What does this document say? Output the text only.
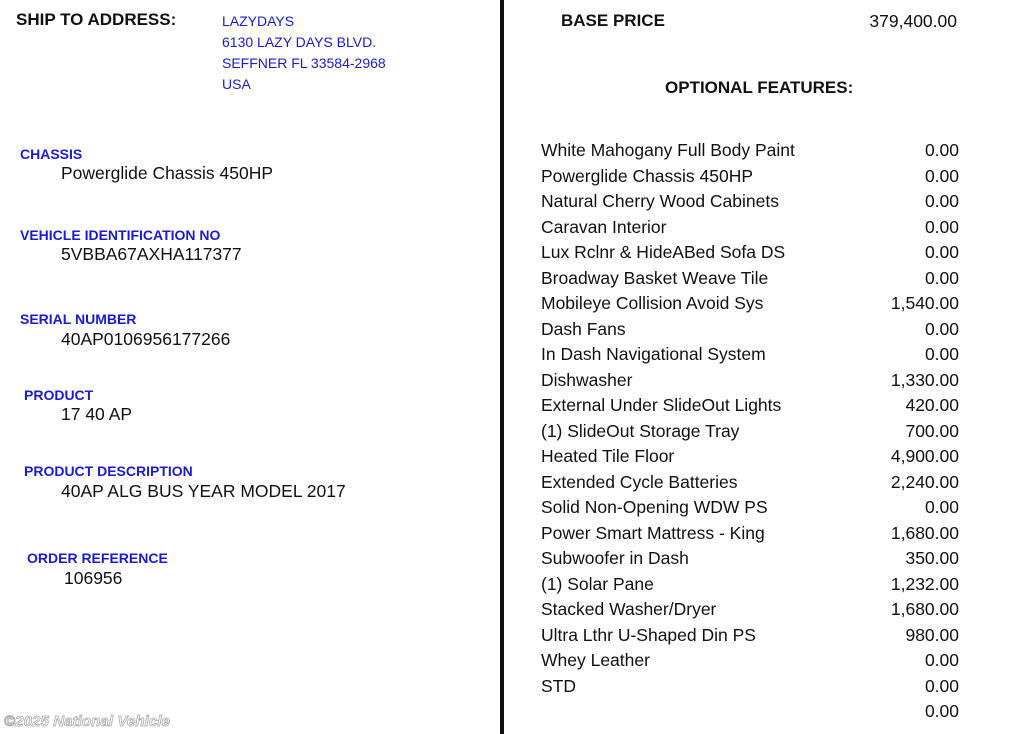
SHIP TO ADDRESS:	LAZYDAYS
6130 LAZY DAYS BLVD.
SEFFNER FL 33584-2968
USA
CHASSIS
Powerglide Chassis 450HP
VEHICLE IDENTIFICATION NO
5VBBA67AXHA117377
SERIAL NUMBER
40AP0106956177266
PRODUCT
17 40 AP
PRODUCT DESCRIPTION
40AP ALG BUS YEAR MODEL 2017
ORDER REFERENCE
106956
BASE PRICE	379,400.00
OPTIONAL FEATURES:
White Mahogany Full Body Paint	0.00
Powerglide Chassis 450HP	0.00
Natural Cherry Wood Cabinets	0.00
Caravan Interior	0.00
Lux Rclnr & HideABed Sofa DS	0.00
Broadway Basket Weave Tile	0.00
Mobileye Collision Avoid Sys	1,540.00
Dash Fans	0.00
In Dash Navigational System	0.00
Dishwasher	1,330.00
External Under SlideOut Lights	420.00
(1) SlideOut Storage Tray	700.00
Heated Tile Floor	4,900.00
Extended Cycle Batteries	2,240.00
Solid Non-Opening WDW PS	0.00
Power Smart Mattress - King	1,680.00
Subwoofer in Dash	350.00
(1) Solar Pane	1,232.00
Stacked Washer/Dryer	1,680.00
Ultra Lthr U-Shaped Din PS	980.00
Whey Leather	0.00
STD	0.00
0.00
©2025 National Vehicle
